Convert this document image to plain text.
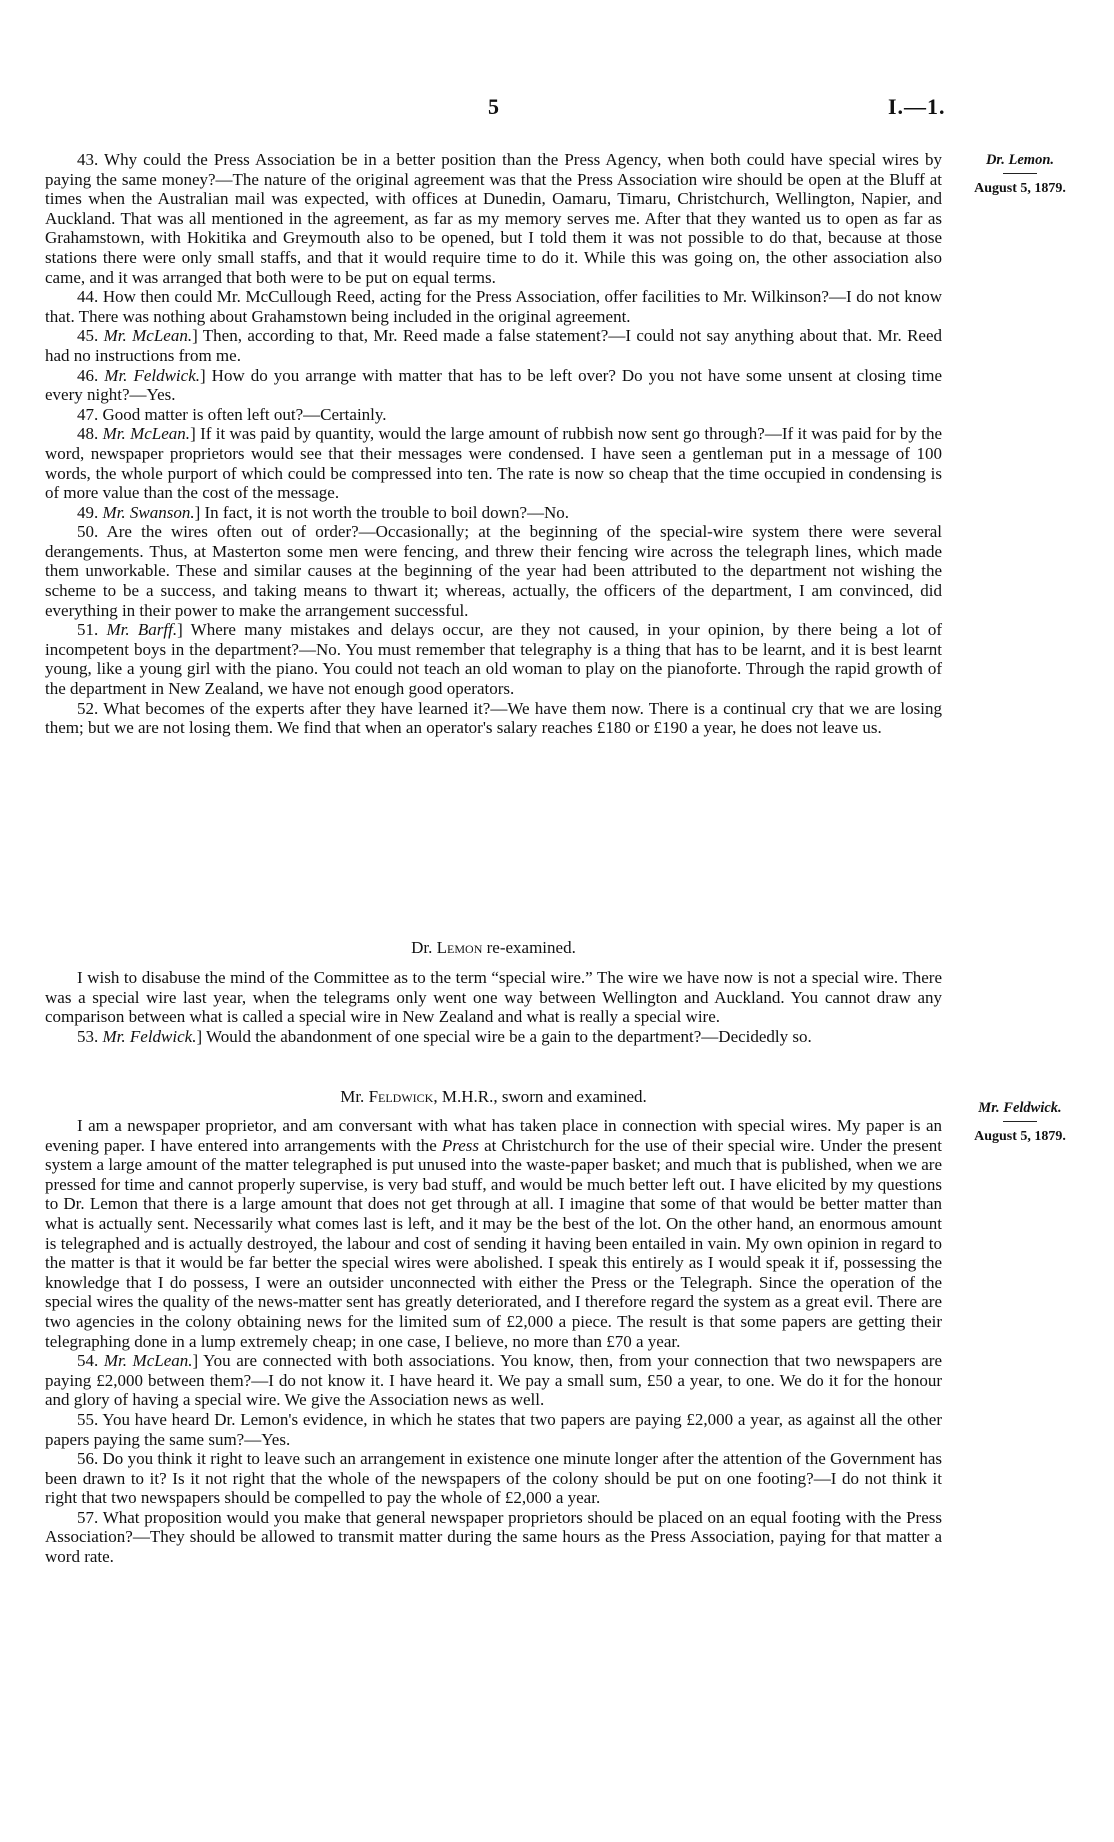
5	I.—1.
Dr. Lemon.
August 5, 1879.
Mr. Feldwick.
August 5, 1879.

43. Why could the Press Association be in a better position than the Press Agency, when both could have special wires by paying the same money?—The nature of the original agreement was that the Press Association wire should be open at the Bluff at times when the Australian mail was expected, with offices at Dunedin, Oamaru, Timaru, Christchurch, Wellington, Napier, and Auckland. That was all mentioned in the agreement, as far as my memory serves me. After that they wanted us to open as far as Grahamstown, with Hokitika and Greymouth also to be opened, but I told them it was not possible to do that, because at those stations there were only small staffs, and that it would require time to do it. While this was going on, the other association also came, and it was arranged that both were to be put on equal terms.

44. How then could Mr. McCullough Reed, acting for the Press Association, offer facilities to Mr. Wilkinson?—I do not know that. There was nothing about Grahamstown being included in the original agreement.

45. Mr. McLean.] Then, according to that, Mr. Reed made a false statement?—I could not say anything about that. Mr. Reed had no instructions from me.

46. Mr. Feldwick.] How do you arrange with matter that has to be left over? Do you not have some unsent at closing time every night?—Yes.

47. Good matter is often left out?—Certainly.

48. Mr. McLean.] If it was paid by quantity, would the large amount of rubbish now sent go through?—If it was paid for by the word, newspaper proprietors would see that their messages were condensed. I have seen a gentleman put in a message of 100 words, the whole purport of which could be compressed into ten. The rate is now so cheap that the time occupied in condensing is of more value than the cost of the message.

49. Mr. Swanson.] In fact, it is not worth the trouble to boil down?—No.

50. Are the wires often out of order?—Occasionally; at the beginning of the special-wire system there were several derangements. Thus, at Masterton some men were fencing, and threw their fencing wire across the telegraph lines, which made them unworkable. These and similar causes at the beginning of the year had been attributed to the department not wishing the scheme to be a success, and taking means to thwart it; whereas, actually, the officers of the department, I am convinced, did everything in their power to make the arrangement successful.

51. Mr. Barff.] Where many mistakes and delays occur, are they not caused, in your opinion, by there being a lot of incompetent boys in the department?—No. You must remember that telegraphy is a thing that has to be learnt, and it is best learnt young, like a young girl with the piano. You could not teach an old woman to play on the pianoforte. Through the rapid growth of the department in New Zealand, we have not enough good operators.

52. What becomes of the experts after they have learned it?—We have them now. There is a continual cry that we are losing them; but we are not losing them. We find that when an operator's salary reaches £180 or £190 a year, he does not leave us.

Dr. Lemon re-examined.

I wish to disabuse the mind of the Committee as to the term “special wire.” The wire we have now is not a special wire. There was a special wire last year, when the telegrams only went one way between Wellington and Auckland. You cannot draw any comparison between what is called a special wire in New Zealand and what is really a special wire.

53. Mr. Feldwick.] Would the abandonment of one special wire be a gain to the department?—Decidedly so.

Mr. Feldwick, M.H.R., sworn and examined.

I am a newspaper proprietor, and am conversant with what has taken place in connection with special wires. My paper is an evening paper. I have entered into arrangements with the Press at Christchurch for the use of their special wire. Under the present system a large amount of the matter telegraphed is put unused into the waste-paper basket; and much that is published, when we are pressed for time and cannot properly supervise, is very bad stuff, and would be much better left out. I have elicited by my questions to Dr. Lemon that there is a large amount that does not get through at all. I imagine that some of that would be better matter than what is actually sent. Necessarily what comes last is left, and it may be the best of the lot. On the other hand, an enormous amount is telegraphed and is actually destroyed, the labour and cost of sending it having been entailed in vain. My own opinion in regard to the matter is that it would be far better the special wires were abolished. I speak this entirely as I would speak it if, possessing the knowledge that I do possess, I were an outsider unconnected with either the Press or the Telegraph. Since the operation of the special wires the quality of the news-matter sent has greatly deteriorated, and I therefore regard the system as a great evil. There are two agencies in the colony obtaining news for the limited sum of £2,000 a piece. The result is that some papers are getting their telegraphing done in a lump extremely cheap; in one case, I believe, no more than £70 a year.

54. Mr. McLean.] You are connected with both associations. You know, then, from your connection that two newspapers are paying £2,000 between them?—I do not know it. I have heard it. We pay a small sum, £50 a year, to one. We do it for the honour and glory of having a special wire. We give the Association news as well.

55. You have heard Dr. Lemon's evidence, in which he states that two papers are paying £2,000 a year, as against all the other papers paying the same sum?—Yes.

56. Do you think it right to leave such an arrangement in existence one minute longer after the attention of the Government has been drawn to it? Is it not right that the whole of the newspapers of the colony should be put on one footing?—I do not think it right that two newspapers should be compelled to pay the whole of £2,000 a year.

57. What proposition would you make that general newspaper proprietors should be placed on an equal footing with the Press Association?—They should be allowed to transmit matter during the same hours as the Press Association, paying for that matter a word rate.
